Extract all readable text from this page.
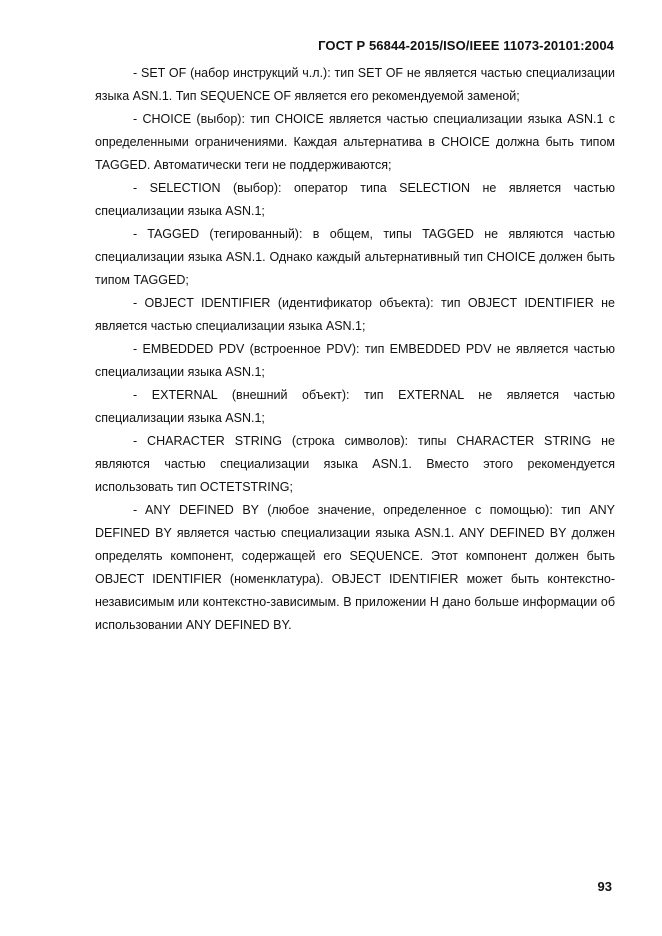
ГОСТ Р 56844-2015/ISO/IEEE 11073-20101:2004

- SET OF (набор инструкций ч.л.): тип SET OF не является частью специализации языка ASN.1. Тип SEQUENCE OF является его рекомендуемой заменой;

- CHOICE (выбор): тип CHOICE является частью специализации языка ASN.1 с определенными ограничениями. Каждая альтернатива в CHOICE должна быть типом TAGGED. Автоматически теги не поддерживаются;

- SELECTION (выбор): оператор типа SELECTION не является частью специализации языка ASN.1;

- TAGGED (тегированный): в общем, типы TAGGED не являются частью специализации языка ASN.1. Однако каждый альтернативный тип CHOICE должен быть типом TAGGED;

- OBJECT IDENTIFIER (идентификатор объекта): тип OBJECT IDENTIFIER не является частью специализации языка ASN.1;

- EMBEDDED PDV (встроенное PDV): тип EMBEDDED PDV не является частью специализации языка ASN.1;

- EXTERNAL (внешний объект): тип EXTERNAL не является частью специализации языка ASN.1;

- CHARACTER STRING (строка символов): типы CHARACTER STRING не являются частью специализации языка ASN.1. Вместо этого рекомендуется использовать тип OCTETSTRING;

- ANY DEFINED BY (любое значение, определенное с помощью): тип ANY DEFINED BY является частью специализации языка ASN.1. ANY DEFINED BY должен определять компонент, содержащей его SEQUENCE. Этот компонент должен быть OBJECT IDENTIFIER (номенклатура). OBJECT IDENTIFIER может быть контекстно-независимым или контекстно-зависимым. В приложении H дано больше информации об использовании ANY DEFINED BY.

93
